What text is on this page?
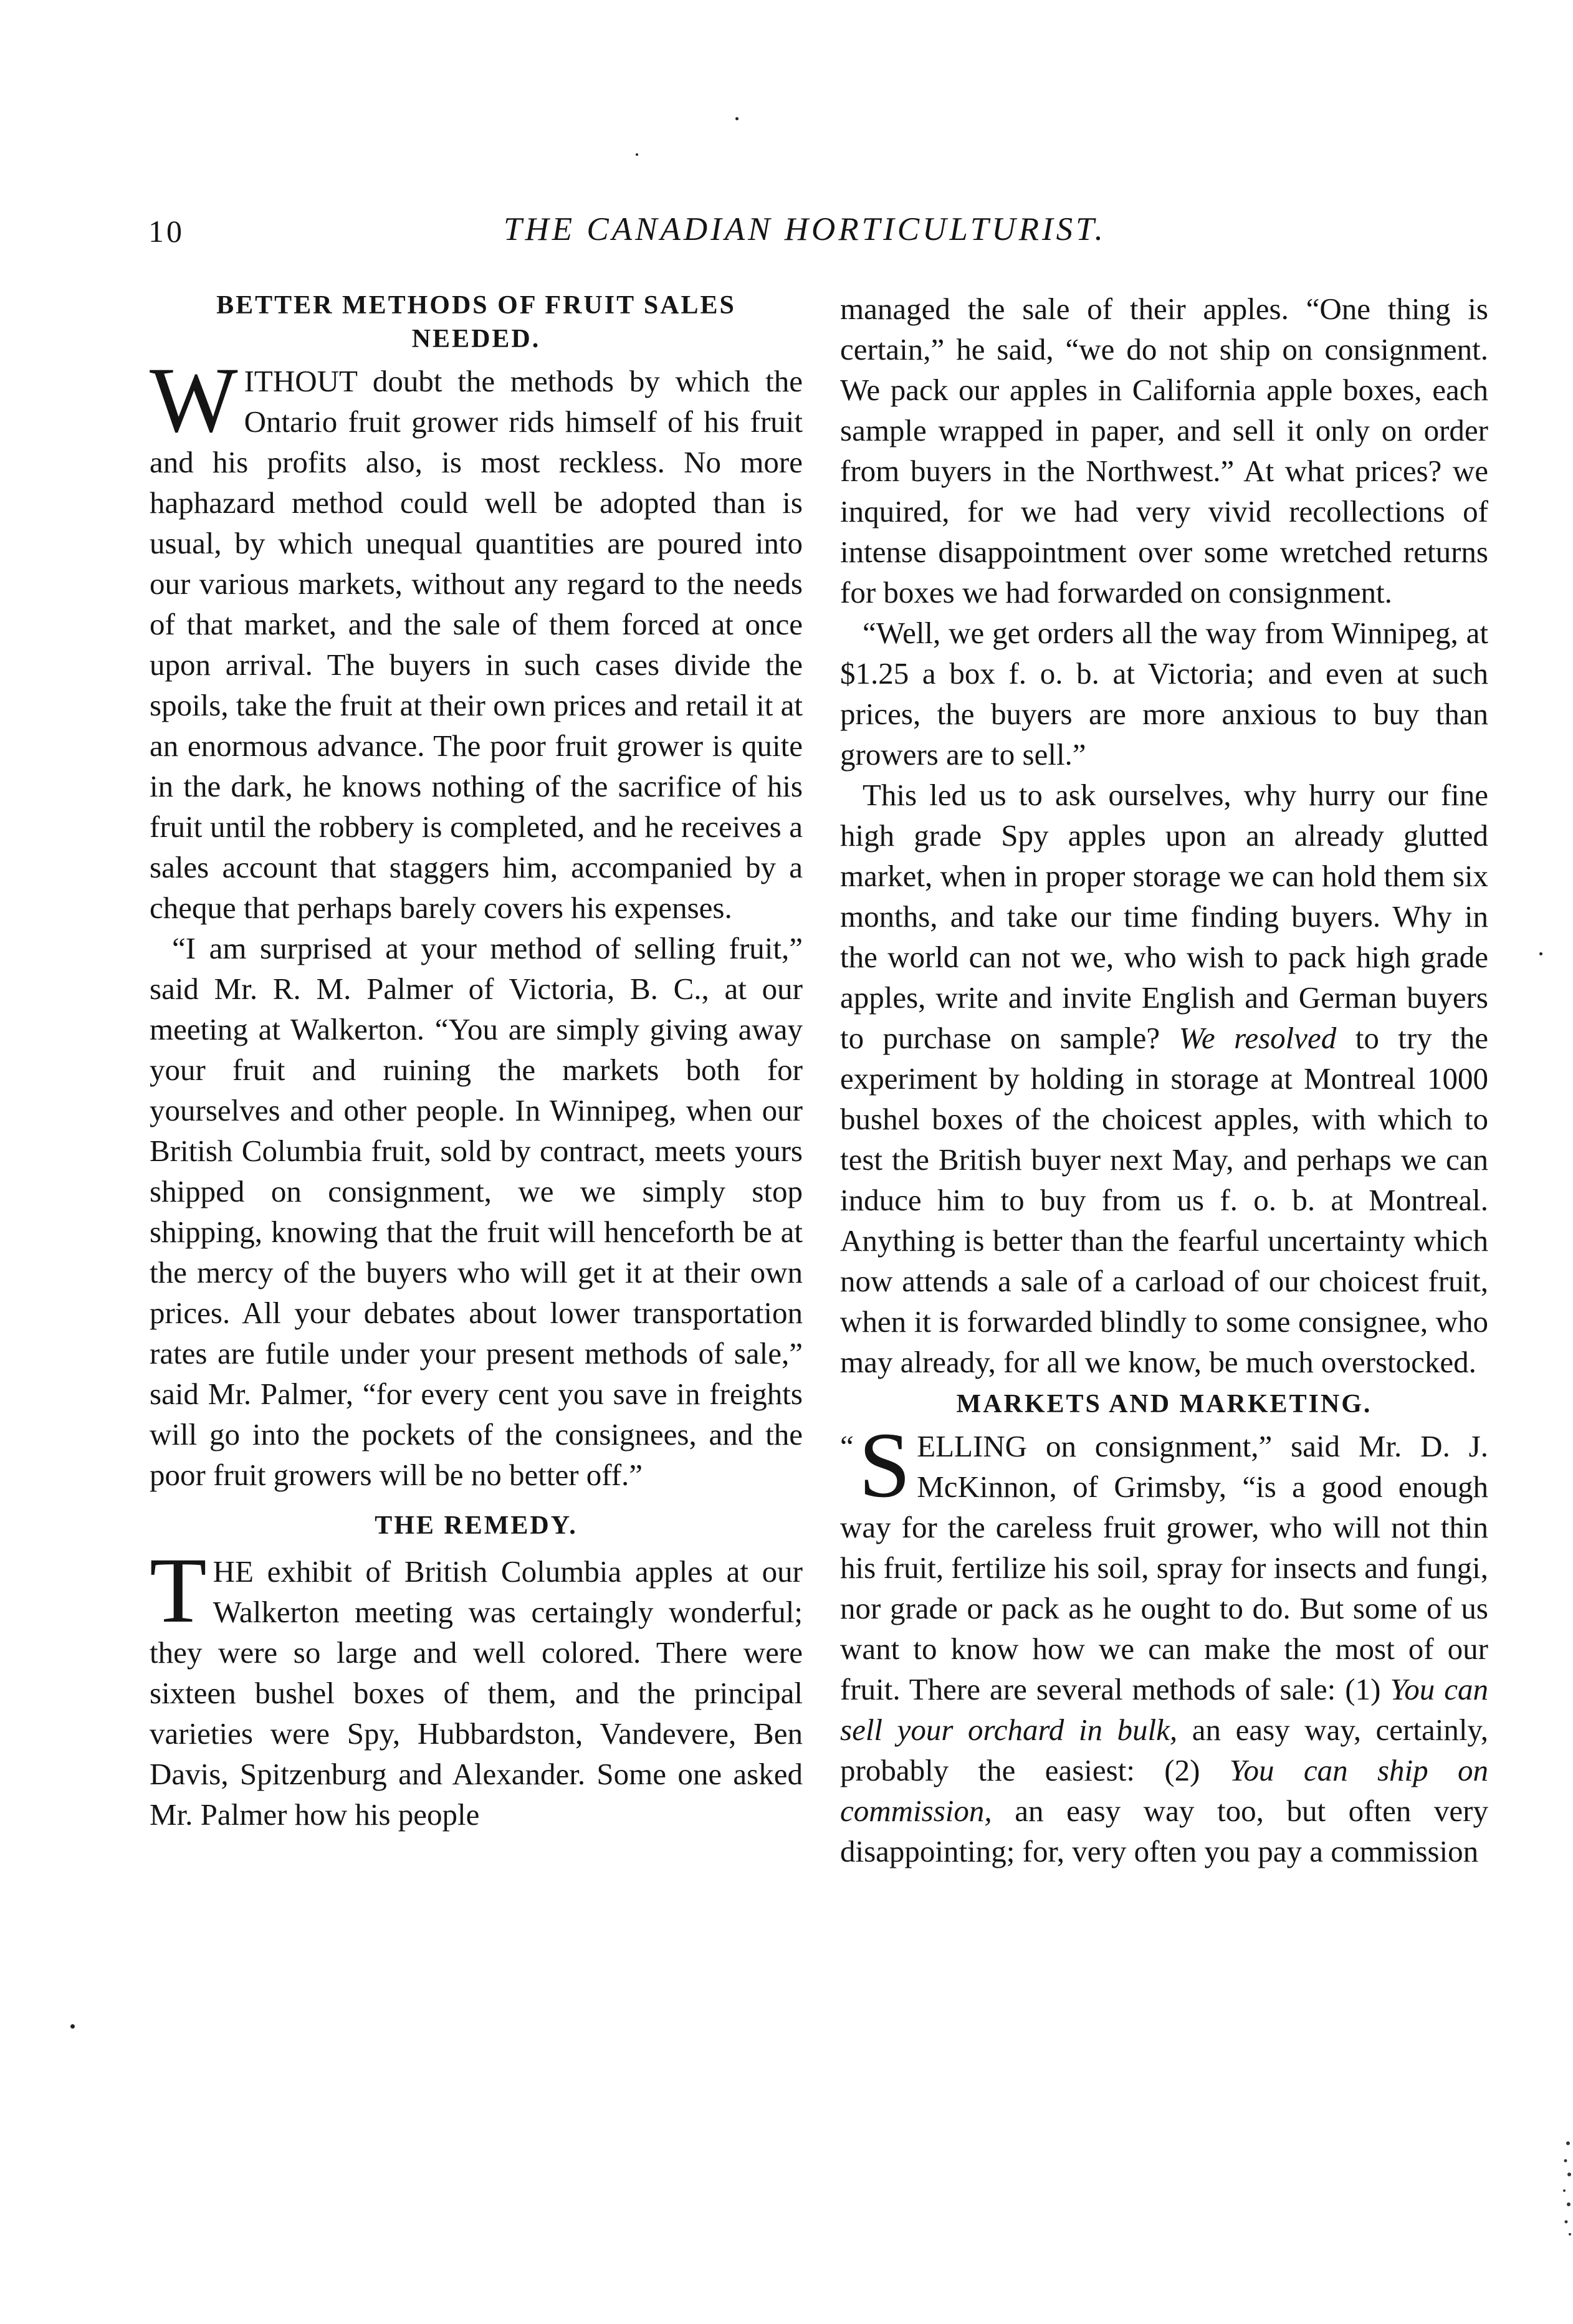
10	THE CANADIAN HORTICULTURIST.
BETTER METHODS OF FRUIT SALES NEEDED.

WITHOUT doubt the methods by which the Ontario fruit grower rids himself of his fruit and his profits also, is most reckless. No more haphazard method could well be adopted than is usual, by which unequal quantities are poured into our various markets, without any regard to the needs of that market, and the sale of them forced at once upon arrival. The buyers in such cases divide the spoils, take the fruit at their own prices and retail it at an enormous advance. The poor fruit grower is quite in the dark, he knows nothing of the sacrifice of his fruit until the robbery is completed, and he receives a sales account that staggers him, accompanied by a cheque that perhaps barely covers his expenses.

“I am surprised at your method of selling fruit,” said Mr. R. M. Palmer of Victoria, B. C., at our meeting at Walkerton. “You are simply giving away your fruit and ruining the markets both for yourselves and other people. In Winnipeg, when our British Columbia fruit, sold by contract, meets yours shipped on consignment, we we simply stop shipping, knowing that the fruit will henceforth be at the mercy of the buyers who will get it at their own prices. All your debates about lower transportation rates are futile under your present methods of sale,” said Mr. Palmer, “for every cent you save in freights will go into the pockets of the consignees, and the poor fruit growers will be no better off.”

THE REMEDY.

THE exhibit of British Columbia apples at our Walkerton meeting was certaingly wonderful; they were so large and well colored. There were sixteen bushel boxes of them, and the principal varieties were Spy, Hubbardston, Vandevere, Ben Davis, Spitzenburg and Alexander. Some one asked Mr. Palmer how his people

managed the sale of their apples. “One thing is certain,” he said, “we do not ship on consignment. We pack our apples in California apple boxes, each sample wrapped in paper, and sell it only on order from buyers in the Northwest.” At what prices? we inquired, for we had very vivid recollections of intense disappointment over some wretched returns for boxes we had forwarded on consignment.

“Well, we get orders all the way from Winnipeg, at $1.25 a box f. o. b. at Victoria; and even at such prices, the buyers are more anxious to buy than growers are to sell.”

This led us to ask ourselves, why hurry our fine high grade Spy apples upon an already glutted market, when in proper storage we can hold them six months, and take our time finding buyers. Why in the world can not we, who wish to pack high grade apples, write and invite English and German buyers to purchase on sample? We resolved to try the experiment by holding in storage at Montreal 1000 bushel boxes of the choicest apples, with which to test the British buyer next May, and perhaps we can induce him to buy from us f. o. b. at Montreal. Anything is better than the fearful uncertainty which now attends a sale of a carload of our choicest fruit, when it is forwarded blindly to some consignee, who may already, for all we know, be much overstocked.

MARKETS AND MARKETING.

“ S ELLING on consignment,” said Mr. D. J. McKinnon, of Grimsby, “is a good enough way for the careless fruit grower, who will not thin his fruit, fertilize his soil, spray for insects and fungi, nor grade or pack as he ought to do. But some of us want to know how we can make the most of our fruit. There are several methods of sale: (1) You can sell your orchard in bulk, an easy way, certainly, probably the easiest: (2) You can ship on commission, an easy way too, but often very disappointing; for, very often you pay a commission
